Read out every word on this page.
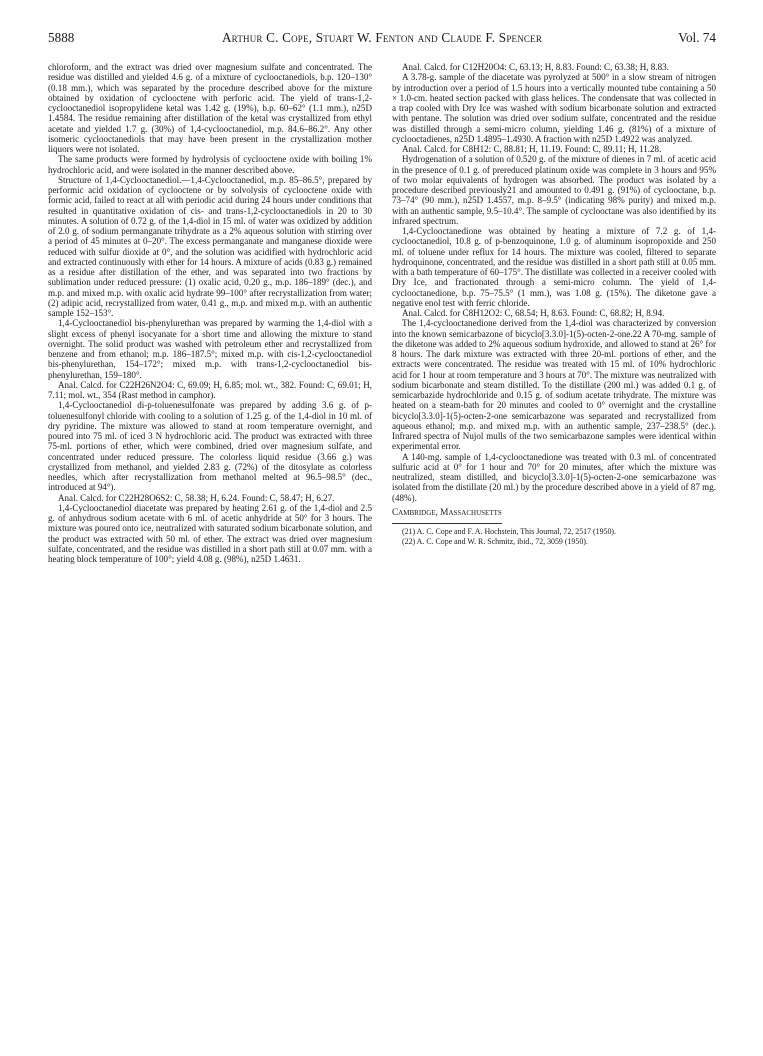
5888	Arthur C. Cope, Stuart W. Fenton and Claude F. Spencer	Vol. 74

chloroform, and the extract was dried over magnesium sulfate and concentrated. The residue was distilled and yielded 4.6 g. of a mixture of cyclooctanediols, b.p. 120–130° (0.18 mm.), which was separated by the procedure described above for the mixture obtained by oxidation of cyclooctene with perforic acid. The yield of trans-1,2-cyclooctanediol isopropylidene ketal was 1.42 g. (19%), b.p. 60–62° (1.1 mm.), n25D 1.4584. The residue remaining after distillation of the ketal was crystallized from ethyl acetate and yielded 1.7 g. (30%) of 1,4-cyclooctanediol, m.p. 84.6–86.2°. Any other isomeric cyclooctanediols that may have been present in the crystallization mother liquors were not isolated.

The same products were formed by hydrolysis of cyclooctene oxide with boiling 1% hydrochloric acid, and were isolated in the manner described above.

Structure of 1,4-Cyclooctanediol.—1,4-Cyclooctanediol, m.p. 85–86.5°, prepared by performic acid oxidation of cyclooctene or by solvolysis of cyclooctene oxide with formic acid, failed to react at all with periodic acid during 24 hours under conditions that resulted in quantitative oxidation of cis- and trans-1,2-cyclooctanediols in 20 to 30 minutes. A solution of 0.72 g. of the 1,4-diol in 15 ml. of water was oxidized by addition of 2.0 g. of sodium permanganate trihydrate as a 2% aqueous solution with stirring over a period of 45 minutes at 0–20°. The excess permanganate and manganese dioxide were reduced with sulfur dioxide at 0°, and the solution was acidified with hydrochloric acid and extracted continuously with ether for 14 hours. A mixture of acids (0.83 g.) remained as a residue after distillation of the ether, and was separated into two fractions by sublimation under reduced pressure: (1) oxalic acid, 0.20 g., m.p. 186–189° (dec.), and m.p. and mixed m.p. with oxalic acid hydrate 99–100° after recrystallization from water; (2) adipic acid, recrystallized from water, 0.41 g., m.p. and mixed m.p. with an authentic sample 152–153°.

1,4-Cyclooctanediol bis-phenylurethan was prepared by warming the 1,4-diol with a slight excess of phenyl isocyanate for a short time and allowing the mixture to stand overnight. The solid product was washed with petroleum ether and recrystallized from benzene and from ethanol; m.p. 186–187.5°; mixed m.p. with cis-1,2-cyclooctanediol bis-phenylurethan, 154–172°; mixed m.p. with trans-1,2-cyclooctanediol bis-phenylurethan, 159–180°.

Anal. Calcd. for C22H26N2O4: C, 69.09; H, 6.85; mol. wt., 382. Found: C, 69.01; H, 7.11; mol. wt., 354 (Rast method in camphor).

1,4-Cyclooctanediol di-p-toluenesulfonate was prepared by adding 3.6 g. of p-toluenesulfonyl chloride with cooling to a solution of 1.25 g. of the 1,4-diol in 10 ml. of dry pyridine. The mixture was allowed to stand at room temperature overnight, and poured into 75 ml. of iced 3 N hydrochloric acid. The product was extracted with three 75-ml. portions of ether, which were combined, dried over magnesium sulfate, and concentrated under reduced pressure. The colorless liquid residue (3.66 g.) was crystallized from methanol, and yielded 2.83 g. (72%) of the ditosylate as colorless needles, which after recrystallization from methanol melted at 96.5–98.5° (dec., introduced at 94°).

Anal. Calcd. for C22H28O6S2: C, 58.38; H, 6.24. Found: C, 58.47; H, 6.27.

1,4-Cyclooctanediol diacetate was prepared by heating 2.61 g. of the 1,4-diol and 2.5 g. of anhydrous sodium acetate with 6 ml. of acetic anhydride at 50° for 3 hours. The mixture was poured onto ice, neutralized with saturated sodium bicarbonate solution, and the product was extracted with 50 ml. of ether. The extract was dried over magnesium sulfate, concentrated, and the residue was distilled in a short path still at 0.07 mm. with a heating block temperature of 100°; yield 4.08 g. (98%), n25D 1.4631.

Anal. Calcd. for C12H20O4: C, 63.13; H, 8.83. Found: C, 63.38; H, 8.83.

A 3.78-g. sample of the diacetate was pyrolyzed at 500° in a slow stream of nitrogen by introduction over a period of 1.5 hours into a vertically mounted tube containing a 50 × 1.0-cm. heated section packed with glass helices. The condensate that was collected in a trap cooled with Dry Ice was washed with sodium bicarbonate solution and extracted with pentane. The solution was dried over sodium sulfate, concentrated and the residue was distilled through a semi-micro column, yielding 1.46 g. (81%) of a mixture of cyclooctadienes, n25D 1.4895–1.4930. A fraction with n25D 1.4922 was analyzed.

Anal. Calcd. for C8H12: C, 88.81; H, 11.19. Found: C, 89.11; H, 11.28.

Hydrogenation of a solution of 0.520 g. of the mixture of dienes in 7 ml. of acetic acid in the presence of 0.1 g. of prereduced platinum oxide was complete in 3 hours and 95% of two molar equivalents of hydrogen was absorbed. The product was isolated by a procedure described previously21 and amounted to 0.491 g. (91%) of cyclooctane, b.p. 73–74° (90 mm.), n25D 1.4557, m.p. 8–9.5° (indicating 98% purity) and mixed m.p. with an authentic sample, 9.5–10.4°. The sample of cyclooctane was also identified by its infrared spectrum.

1,4-Cyclooctanedione was obtained by heating a mixture of 7.2 g. of 1,4-cyclooctanediol, 10.8 g. of p-benzoquinone, 1.0 g. of aluminum isopropoxide and 250 ml. of toluene under reflux for 14 hours. The mixture was cooled, filtered to separate hydroquinone, concentrated, and the residue was distilled in a short path still at 0.05 mm. with a bath temperature of 60–175°. The distillate was collected in a receiver cooled with Dry Ice, and fractionated through a semi-micro column. The yield of 1,4-cyclooctanedione, b.p. 75–75.5° (1 mm.), was 1.08 g. (15%). The diketone gave a negative enol test with ferric chloride.

Anal. Calcd. for C8H12O2: C, 68.54; H, 8.63. Found: C, 68.82; H, 8.94.

The 1,4-cyclooctanedione derived from the 1,4-diol was characterized by conversion into the known semicarbazone of bicyclo[3.3.0]-1(5)-octen-2-one.22 A 70-mg. sample of the diketone was added to 2% aqueous sodium hydroxide, and allowed to stand at 26° for 8 hours. The dark mixture was extracted with three 20-ml. portions of ether, and the extracts were concentrated. The residue was treated with 15 ml. of 10% hydrochloric acid for 1 hour at room temperature and 3 hours at 70°. The mixture was neutralized with sodium bicarbonate and steam distilled. To the distillate (200 ml.) was added 0.1 g. of semicarbazide hydrochloride and 0.15 g. of sodium acetate trihydrate. The mixture was heated on a steam-bath for 20 minutes and cooled to 0° overnight and the crystalline bicyclo[3.3.0]-1(5)-octen-2-one semicarbazone was separated and recrystallized from aqueous ethanol; m.p. and mixed m.p. with an authentic sample, 237–238.5° (dec.). Infrared spectra of Nujol mulls of the two semicarbazone samples were identical within experimental error.

A 140-mg. sample of 1,4-cyclooctanedione was treated with 0.3 ml. of concentrated sulfuric acid at 0° for 1 hour and 70° for 20 minutes, after which the mixture was neutralized, steam distilled, and bicyclo[3.3.0]-1(5)-octen-2-one semicarbazone was isolated from the distillate (20 ml.) by the procedure described above in a yield of 87 mg. (48%).

Cambridge, Massachusetts

(21) A. C. Cope and F. A. Hochstein, This Journal, 72, 2517 (1950).

(22) A. C. Cope and W. R. Schmitz, ibid., 72, 3059 (1950).
